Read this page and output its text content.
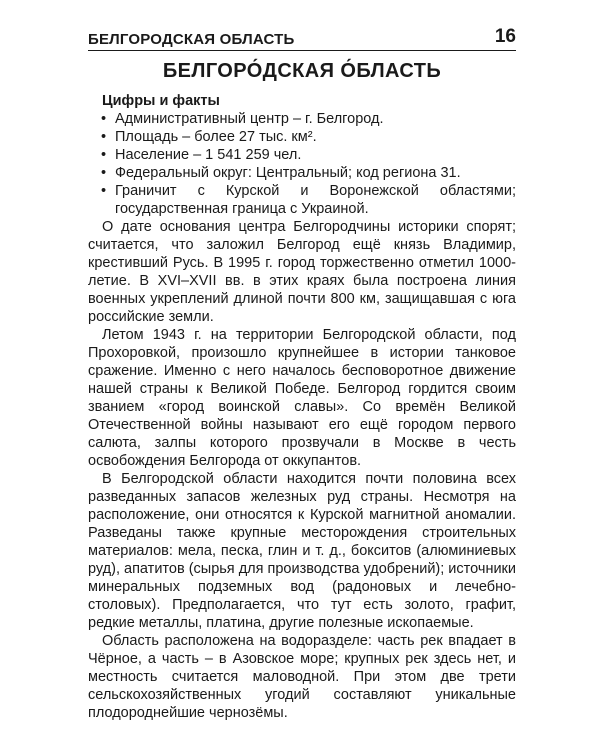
БЕЛГОРОДСКАЯ ОБЛАСТЬ	16
БЕЛГОРО́ДСКАЯ О́БЛАСТЬ
Цифры и факты
• Административный центр – г. Белгород.
• Площадь – более 27 тыс. км².
• Население – 1 541 259 чел.
• Федеральный округ: Центральный; код региона 31.
• Граничит с Курской и Воронежской областями; государственная граница с Украиной.

О дате основания центра Белгородчины историки спорят; считается, что заложил Белгород ещё князь Владимир, крестивший Русь. В 1995 г. город торжественно отметил 1000-летие. В XVI–XVII вв. в этих краях была построена линия военных укреплений длиной почти 800 км, защищавшая с юга российские земли.

Летом 1943 г. на территории Белгородской области, под Прохоровкой, произошло крупнейшее в истории танковое сражение. Именно с него началось бесповоротное движение нашей страны к Великой Победе. Белгород гордится своим званием «город воинской славы». Со времён Великой Отечественной войны называют его ещё городом первого салюта, залпы которого прозвучали в Москве в честь освобождения Белгорода от оккупантов.

В Белгородской области находится почти половина всех разведанных запасов железных руд страны. Несмотря на расположение, они относятся к Курской магнитной аномалии. Разведаны также крупные месторождения строительных материалов: мела, песка, глин и т. д., бокситов (алюминиевых руд), апатитов (сырья для производства удобрений); источники минеральных подземных вод (радоновых и лечебно-столовых). Предполагается, что тут есть золото, графит, редкие металлы, платина, другие полезные ископаемые.

Область расположена на водоразделе: часть рек впадает в Чёрное, а часть – в Азовское море; крупных рек здесь нет, и местность считается маловодной. При этом две трети сельскохозяйственных угодий составляют уникальные плодороднейшие чернозёмы.
